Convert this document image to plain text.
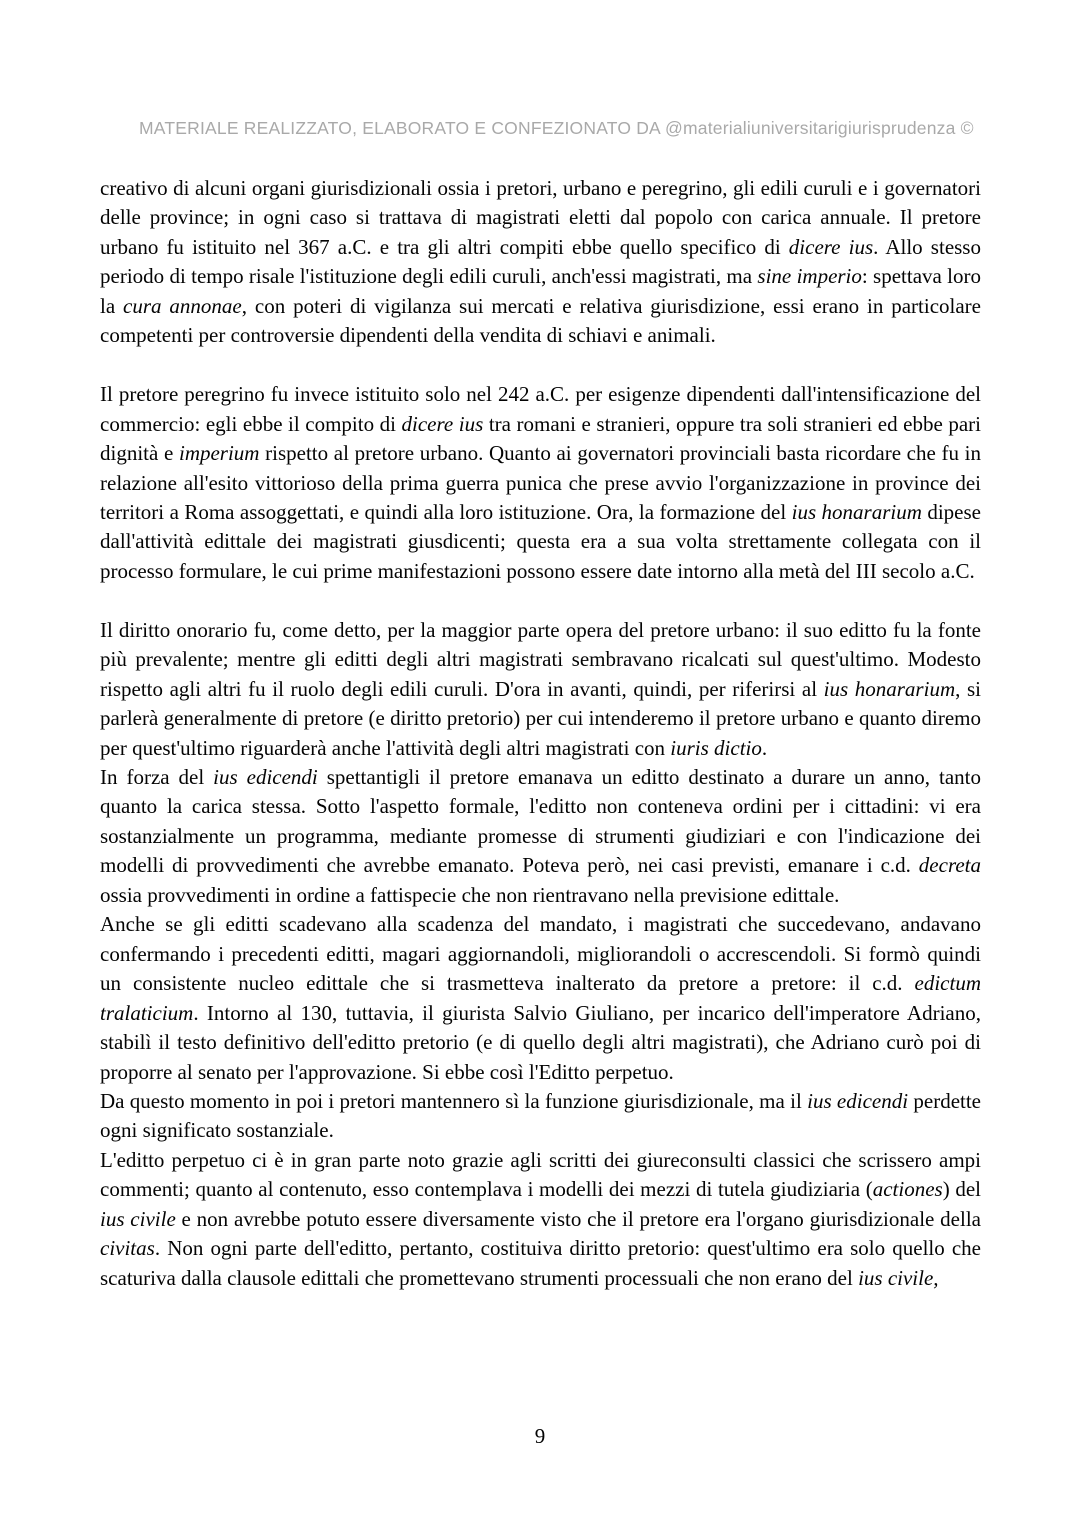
MATERIALE REALIZZATO, ELABORATO E CONFEZIONATO DA @materialiuniversitarigiurisprudenza ©

creativo di alcuni organi giurisdizionali ossia i pretori, urbano e peregrino, gli edili curuli e i governatori delle province; in ogni caso si trattava di magistrati eletti dal popolo con carica annuale. Il pretore urbano fu istituito nel 367 a.C. e tra gli altri compiti ebbe quello specifico di dicere ius. Allo stesso periodo di tempo risale l'istituzione degli edili curuli, anch'essi magistrati, ma sine imperio: spettava loro la cura annonae, con poteri di vigilanza sui mercati e relativa giurisdizione, essi erano in particolare competenti per controversie dipendenti della vendita di schiavi e animali.

Il pretore peregrino fu invece istituito solo nel 242 a.C. per esigenze dipendenti dall'intensificazione del commercio: egli ebbe il compito di dicere ius tra romani e stranieri, oppure tra soli stranieri ed ebbe pari dignità e imperium rispetto al pretore urbano. Quanto ai governatori provinciali basta ricordare che fu in relazione all'esito vittorioso della prima guerra punica che prese avvio l'organizzazione in province dei territori a Roma assoggettati, e quindi alla loro istituzione. Ora, la formazione del ius honararium dipese dall'attività edittale dei magistrati giusdicenti; questa era a sua volta strettamente collegata con il processo formulare, le cui prime manifestazioni possono essere date intorno alla metà del III secolo a.C.

Il diritto onorario fu, come detto, per la maggior parte opera del pretore urbano: il suo editto fu la fonte più prevalente; mentre gli editti degli altri magistrati sembravano ricalcati sul quest'ultimo. Modesto rispetto agli altri fu il ruolo degli edili curuli. D'ora in avanti, quindi, per riferirsi al ius honararium, si parlerà generalmente di pretore (e diritto pretorio) per cui intenderemo il pretore urbano e quanto diremo per quest'ultimo riguarderà anche l'attività degli altri magistrati con iuris dictio.

In forza del ius edicendi spettantigli il pretore emanava un editto destinato a durare un anno, tanto quanto la carica stessa. Sotto l'aspetto formale, l'editto non conteneva ordini per i cittadini: vi era sostanzialmente un programma, mediante promesse di strumenti giudiziari e con l'indicazione dei modelli di provvedimenti che avrebbe emanato. Poteva però, nei casi previsti, emanare i c.d. decreta ossia provvedimenti in ordine a fattispecie che non rientravano nella previsione edittale.

Anche se gli editti scadevano alla scadenza del mandato, i magistrati che succedevano, andavano confermando i precedenti editti, magari aggiornandoli, migliorandoli o accrescendoli. Si formò quindi un consistente nucleo edittale che si trasmetteva inalterato da pretore a pretore: il c.d. edictum tralaticium. Intorno al 130, tuttavia, il giurista Salvio Giuliano, per incarico dell'imperatore Adriano, stabilì il testo definitivo dell'editto pretorio (e di quello degli altri magistrati), che Adriano curò poi di proporre al senato per l'approvazione. Si ebbe così l'Editto perpetuo.

Da questo momento in poi i pretori mantennero sì la funzione giurisdizionale, ma il ius edicendi perdette ogni significato sostanziale.

L'editto perpetuo ci è in gran parte noto grazie agli scritti dei giureconsulti classici che scrissero ampi commenti; quanto al contenuto, esso contemplava i modelli dei mezzi di tutela giudiziaria (actiones) del ius civile e non avrebbe potuto essere diversamente visto che il pretore era l'organo giurisdizionale della civitas. Non ogni parte dell'editto, pertanto, costituiva diritto pretorio: quest'ultimo era solo quello che scaturiva dalla clausole edittali che promettevano strumenti processuali che non erano del ius civile,

9
